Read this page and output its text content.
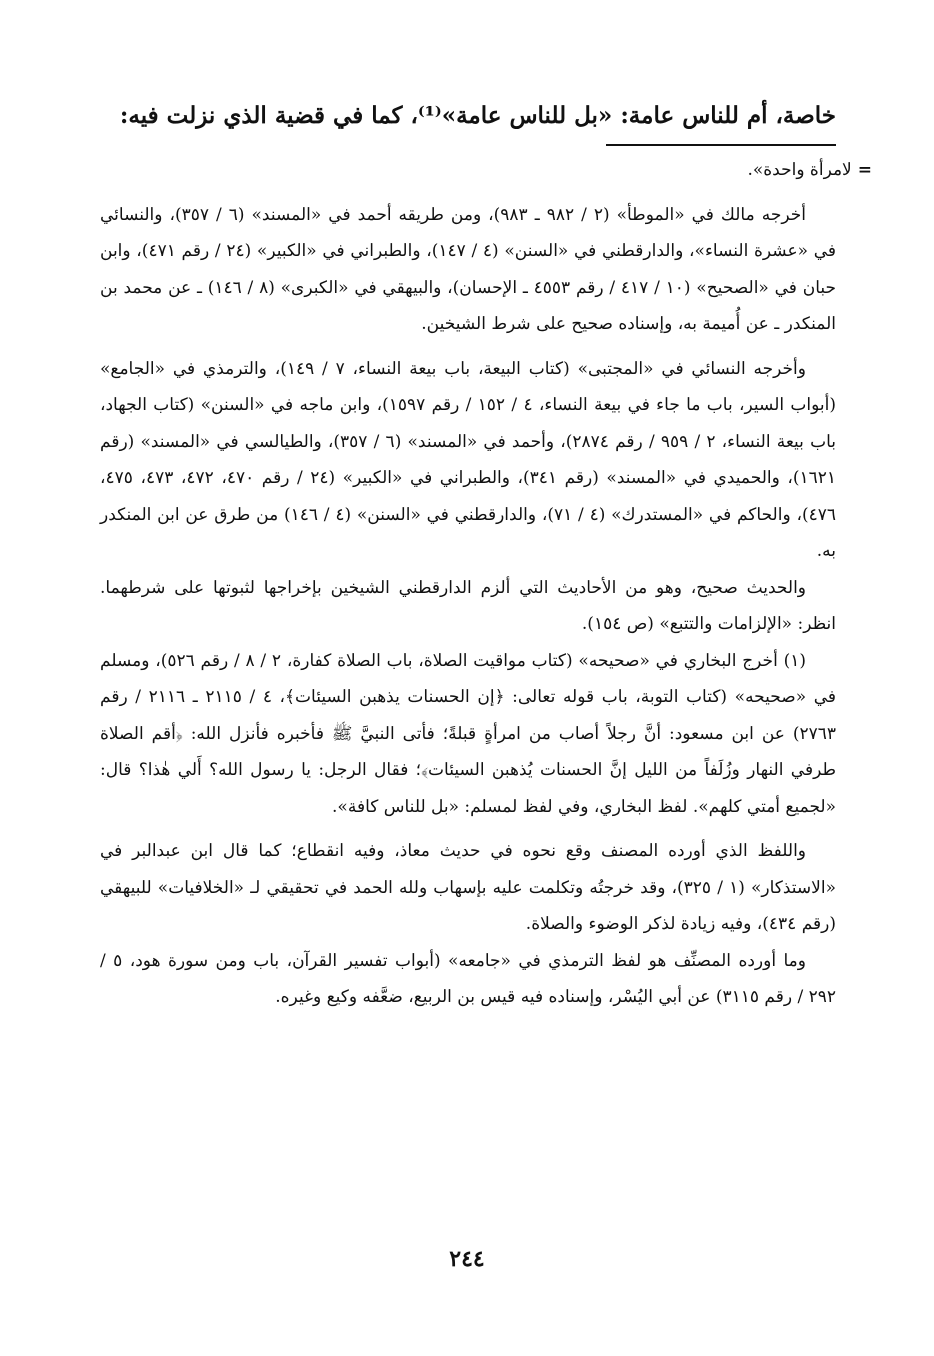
خاصة، أم للناس عامة: «بل للناس عامة»⁽¹⁾، كما في قضية الذي نزلت فيه:

=لامرأة واحدة».

أخرجه مالك في «الموطأ» (٢ / ٩٨٢ ـ ٩٨٣)، ومن طريقه أحمد في «المسند» (٦ / ٣٥٧)، والنسائي في «عشرة النساء»، والدارقطني في «السنن» (٤ / ١٤٧)، والطبراني في «الكبير» (٢٤ / رقم ٤٧١)، وابن حبان في «الصحيح» (١٠ / ٤١٧ / رقم ٤٥٥٣ ـ الإحسان)، والبيهقي في «الكبرى» (٨ / ١٤٦) ـ عن محمد بن المنكدر ـ عن أُميمة به، وإسناده صحيح على شرط الشيخين.

وأخرجه النسائي في «المجتبى» (كتاب البيعة، باب بيعة النساء، ٧ / ١٤٩)، والترمذي في «الجامع» (أبواب السير، باب ما جاء في بيعة النساء، ٤ / ١٥٢ / رقم ١٥٩٧)، وابن ماجه في «السنن» (كتاب الجهاد، باب بيعة النساء، ٢ / ٩٥٩ / رقم ٢٨٧٤)، وأحمد في «المسند» (٦ / ٣٥٧)، والطيالسي في «المسند» (رقم ١٦٢١)، والحميدي في «المسند» (رقم ٣٤١)، والطبراني في «الكبير» (٢٤ / رقم ٤٧٠، ٤٧٢، ٤٧٣، ٤٧٥، ٤٧٦)، والحاكم في «المستدرك» (٤ / ٧١)، والدارقطني في «السنن» (٤ / ١٤٦) من طرق عن ابن المنكدر به.

والحديث صحيح، وهو من الأحاديث التي ألزم الدارقطني الشيخين بإخراجها لثبوتها على شرطهما. انظر: «الإلزامات والتتبع» (ص ١٥٤).

(١) أخرج البخاري في «صحيحه» (كتاب مواقيت الصلاة، باب الصلاة كفارة، ٢ / ٨ / رقم ٥٢٦)، ومسلم في «صحيحه» (كتاب التوبة، باب قوله تعالى: ﴿إن الحسنات يذهبن السيئات﴾، ٤ / ٢١١٥ ـ ٢١١٦ / رقم ٢٧٦٣) عن ابن مسعود: أنَّ رجلاً أصاب من امرأةٍ قبلةً؛ فأتى النبيَّ ﷺ فأخبره فأنزل الله: ﴿أقم الصلاة طرفي النهار وزُلَفاً من الليل إنَّ الحسنات يُذهبن السيئات﴾؛ فقال الرجل: يا رسول الله؟ أَلي هٰذا؟ قال: «لجميع أمتي كلهم». لفظ البخاري، وفي لفظ لمسلم: «بل للناس كافة».

واللفظ الذي أورده المصنف وقع نحوه في حديث معاذ، وفيه انقطاع؛ كما قال ابن عبدالبر في «الاستذكار» (١ / ٣٢٥)، وقد خرجتُه وتكلمت عليه بإسهاب ولله الحمد في تحقيقي لـ «الخلافيات» للبيهقي (رقم ٤٣٤)، وفيه زيادة لذكر الوضوء والصلاة.

وما أورده المصنِّف هو لفظ الترمذي في «جامعه» (أبواب تفسير القرآن، باب ومن سورة هود، ٥ / ٢٩٢ / رقم ٣١١٥) عن أبي اليُسْر، وإسناده فيه قيس بن الربيع، ضعَّفه وكيع وغيره.

٢٤٤
